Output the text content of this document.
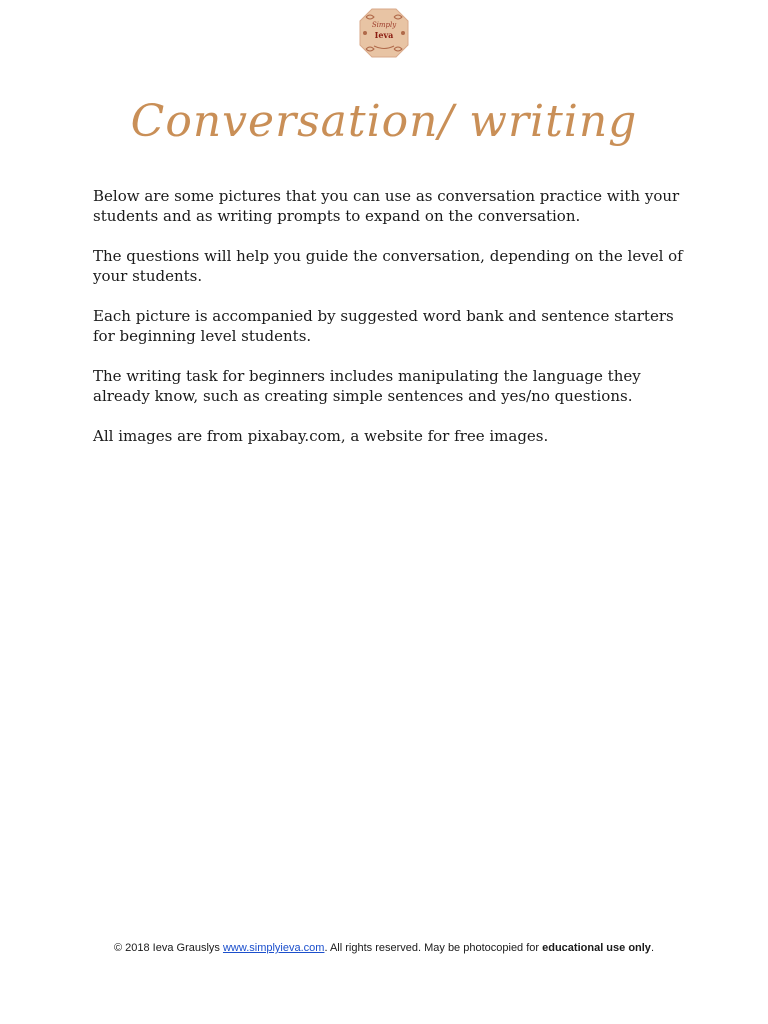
Simply
Ieva
Conversation/ writing

Below are some pictures that you can use as conversation practice with your students and as writing prompts to expand on the conversation.

The questions will help you guide the conversation, depending on the level of your students.

Each picture is accompanied by suggested word bank and sentence starters for beginning level students.

The writing task for beginners includes manipulating the language they already know, such as creating simple sentences and yes/no questions.

All images are from pixabay.com, a website for free images.

© 2018 Ieva Grauslys www.simplyieva.com. All rights reserved. May be photocopied for educational use only.
